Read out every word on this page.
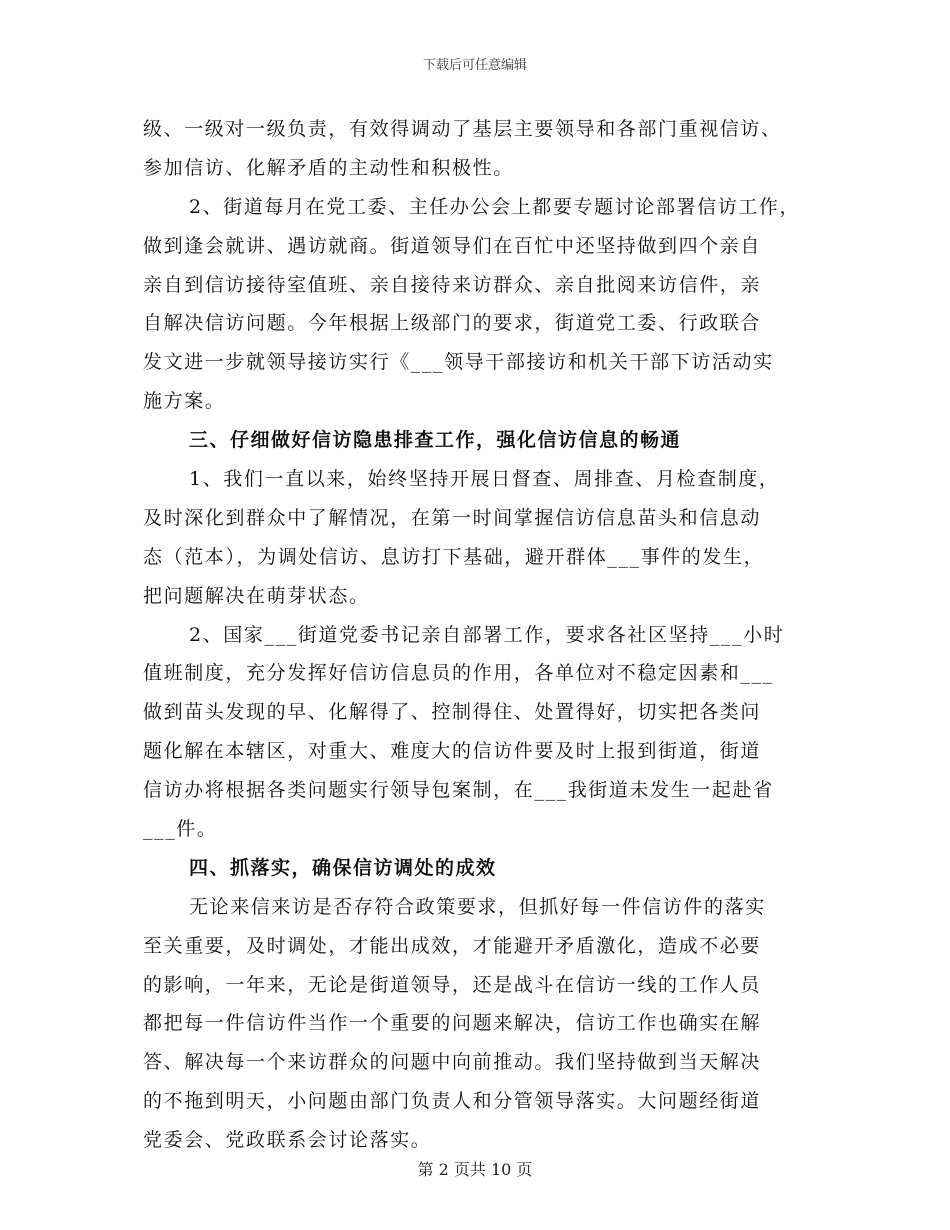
下载后可任意编辑
级、一级对一级负责，有效得调动了基层主要领导和各部门重视信访、
参加信访、化解矛盾的主动性和积极性。
2、街道每月在党工委、主任办公会上都要专题讨论部署信访工作，
做到逢会就讲、遇访就商。街道领导们在百忙中还坚持做到四个亲自
亲自到信访接待室值班、亲自接待来访群众、亲自批阅来访信件，亲
自解决信访问题。今年根据上级部门的要求，街道党工委、行政联合
发文进一步就领导接访实行《___领导干部接访和机关干部下访活动实
施方案。
三、仔细做好信访隐患排查工作，强化信访信息的畅通
1、我们一直以来，始终坚持开展日督查、周排查、月检查制度，
及时深化到群众中了解情况，在第一时间掌握信访信息苗头和信息动
态（范本），为调处信访、息访打下基础，避开群体___事件的发生，
把问题解决在萌芽状态。
2、国家___街道党委书记亲自部署工作，要求各社区坚持___小时
值班制度，充分发挥好信访信息员的作用，各单位对不稳定因素和___
做到苗头发现的早、化解得了、控制得住、处置得好，切实把各类问
题化解在本辖区，对重大、难度大的信访件要及时上报到街道，街道
信访办将根据各类问题实行领导包案制，在___我街道未发生一起赴省
___件。
四、抓落实，确保信访调处的成效
无论来信来访是否存符合政策要求，但抓好每一件信访件的落实
至关重要，及时调处，才能出成效，才能避开矛盾激化，造成不必要
的影响，一年来，无论是街道领导，还是战斗在信访一线的工作人员
都把每一件信访件当作一个重要的问题来解决，信访工作也确实在解
答、解决每一个来访群众的问题中向前推动。我们坚持做到当天解决
的不拖到明天，小问题由部门负责人和分管领导落实。大问题经街道
党委会、党政联系会讨论落实。
第 2 页共 10 页
